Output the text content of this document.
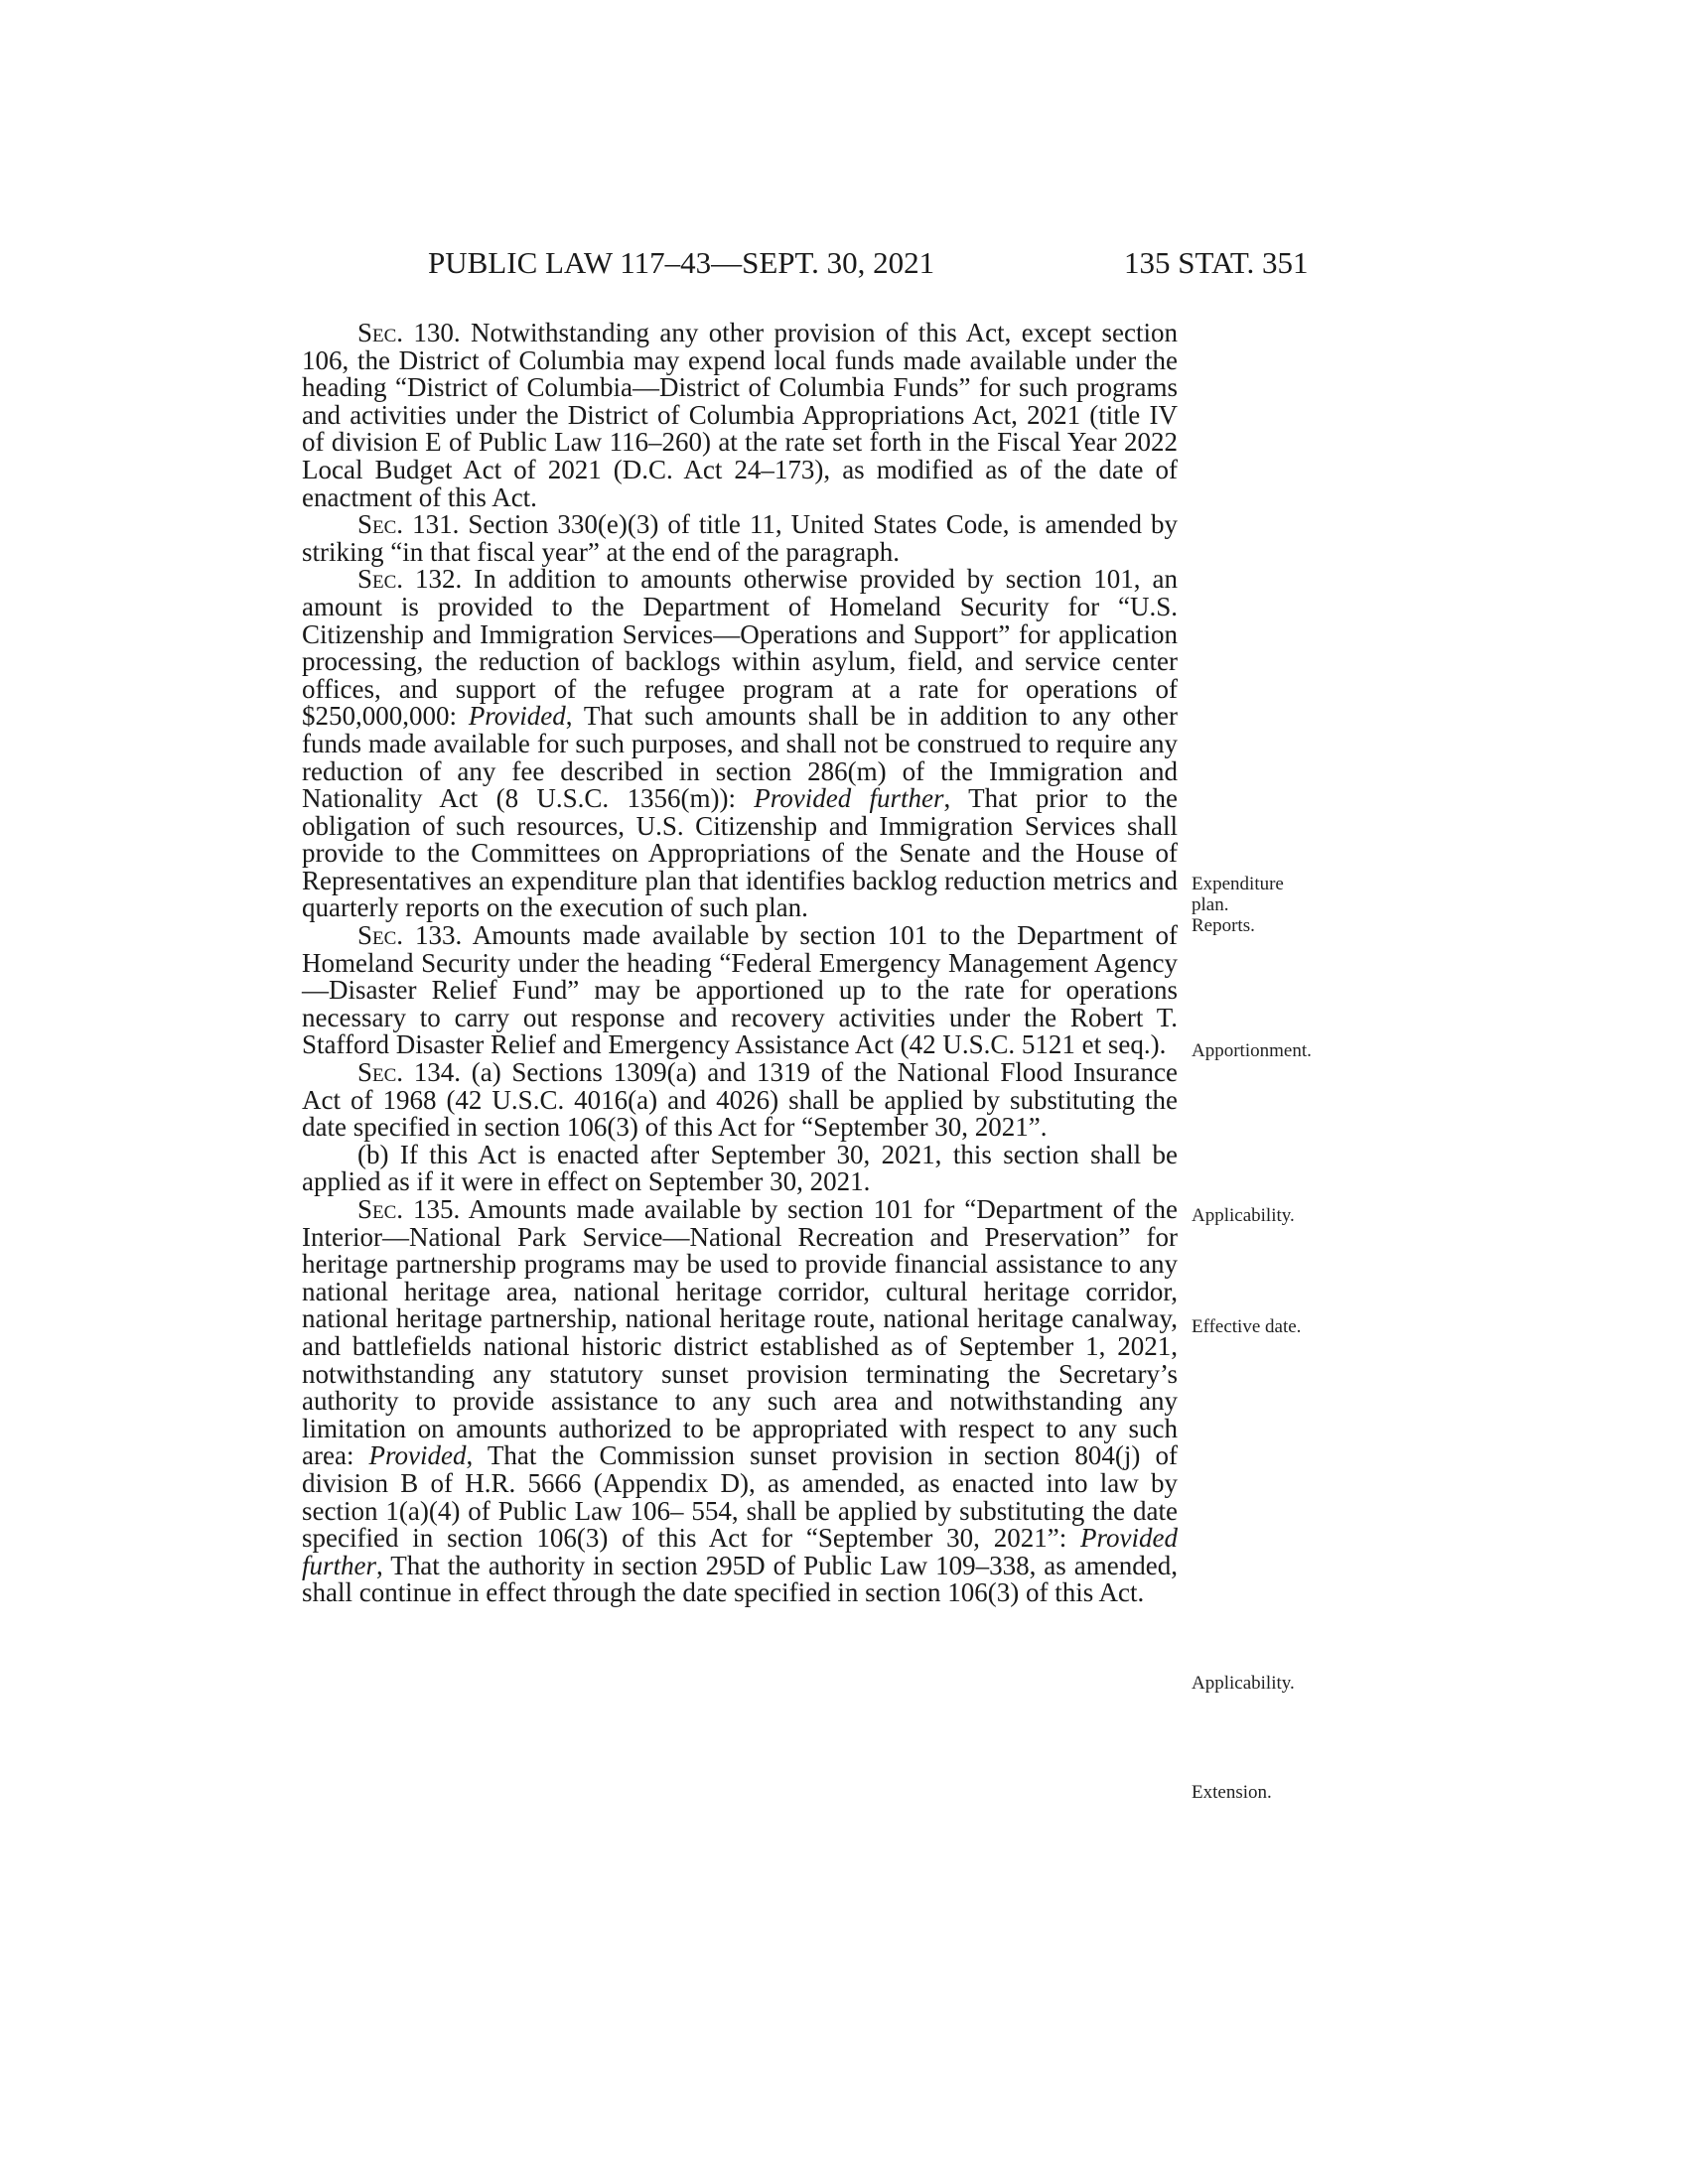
PUBLIC LAW 117–43—SEPT. 30, 2021	135 STAT. 351

Sec. 130. Notwithstanding any other provision of this Act, except section 106, the District of Columbia may expend local funds made available under the heading “District of Columbia—District of Columbia Funds” for such programs and activities under the District of Columbia Appropriations Act, 2021 (title IV of division E of Public Law 116–260) at the rate set forth in the Fiscal Year 2022 Local Budget Act of 2021 (D.C. Act 24–173), as modified as of the date of enactment of this Act.

Sec. 131. Section 330(e)(3) of title 11, United States Code, is amended by striking “in that fiscal year” at the end of the paragraph.

Sec. 132. In addition to amounts otherwise provided by section 101, an amount is provided to the Department of Homeland Security for “U.S. Citizenship and Immigration Services—Operations and Support” for application processing, the reduction of backlogs within asylum, field, and service center offices, and support of the refugee program at a rate for operations of $250,000,000: Provided, That such amounts shall be in addition to any other funds made available for such purposes, and shall not be construed to require any reduction of any fee described in section 286(m) of the Immigration and Nationality Act (8 U.S.C. 1356(m)): Provided further, That prior to the obligation of such resources, U.S. Citizenship and Immigration Services shall provide to the Committees on Appropriations of the Senate and the House of Representatives an expenditure plan that identifies backlog reduction metrics and quarterly reports on the execution of such plan.

Sec. 133. Amounts made available by section 101 to the Department of Homeland Security under the heading “Federal Emergency Management Agency—Disaster Relief Fund” may be apportioned up to the rate for operations necessary to carry out response and recovery activities under the Robert T. Stafford Disaster Relief and Emergency Assistance Act (42 U.S.C. 5121 et seq.).

Sec. 134. (a) Sections 1309(a) and 1319 of the National Flood Insurance Act of 1968 (42 U.S.C. 4016(a) and 4026) shall be applied by substituting the date specified in section 106(3) of this Act for “September 30, 2021”.

(b) If this Act is enacted after September 30, 2021, this section shall be applied as if it were in effect on September 30, 2021.

Sec. 135. Amounts made available by section 101 for “Department of the Interior—National Park Service—National Recreation and Preservation” for heritage partnership programs may be used to provide financial assistance to any national heritage area, national heritage corridor, cultural heritage corridor, national heritage partnership, national heritage route, national heritage canalway, and battlefields national historic district established as of September 1, 2021, notwithstanding any statutory sunset provision terminating the Secretary’s authority to provide assistance to any such area and notwithstanding any limitation on amounts authorized to be appropriated with respect to any such area: Provided, That the Commission sunset provision in section 804(j) of division B of H.R. 5666 (Appendix D), as amended, as enacted into law by section 1(a)(4) of Public Law 106– 554, shall be applied by substituting the date specified in section 106(3) of this Act for “September 30, 2021”: Provided further, That the authority in section 295D of Public Law 109–338, as amended, shall continue in effect through the date specified in section 106(3) of this Act.

Expenditure
plan.
Reports.
Apportionment.
Applicability.
Effective date.
Applicability.
Extension.
